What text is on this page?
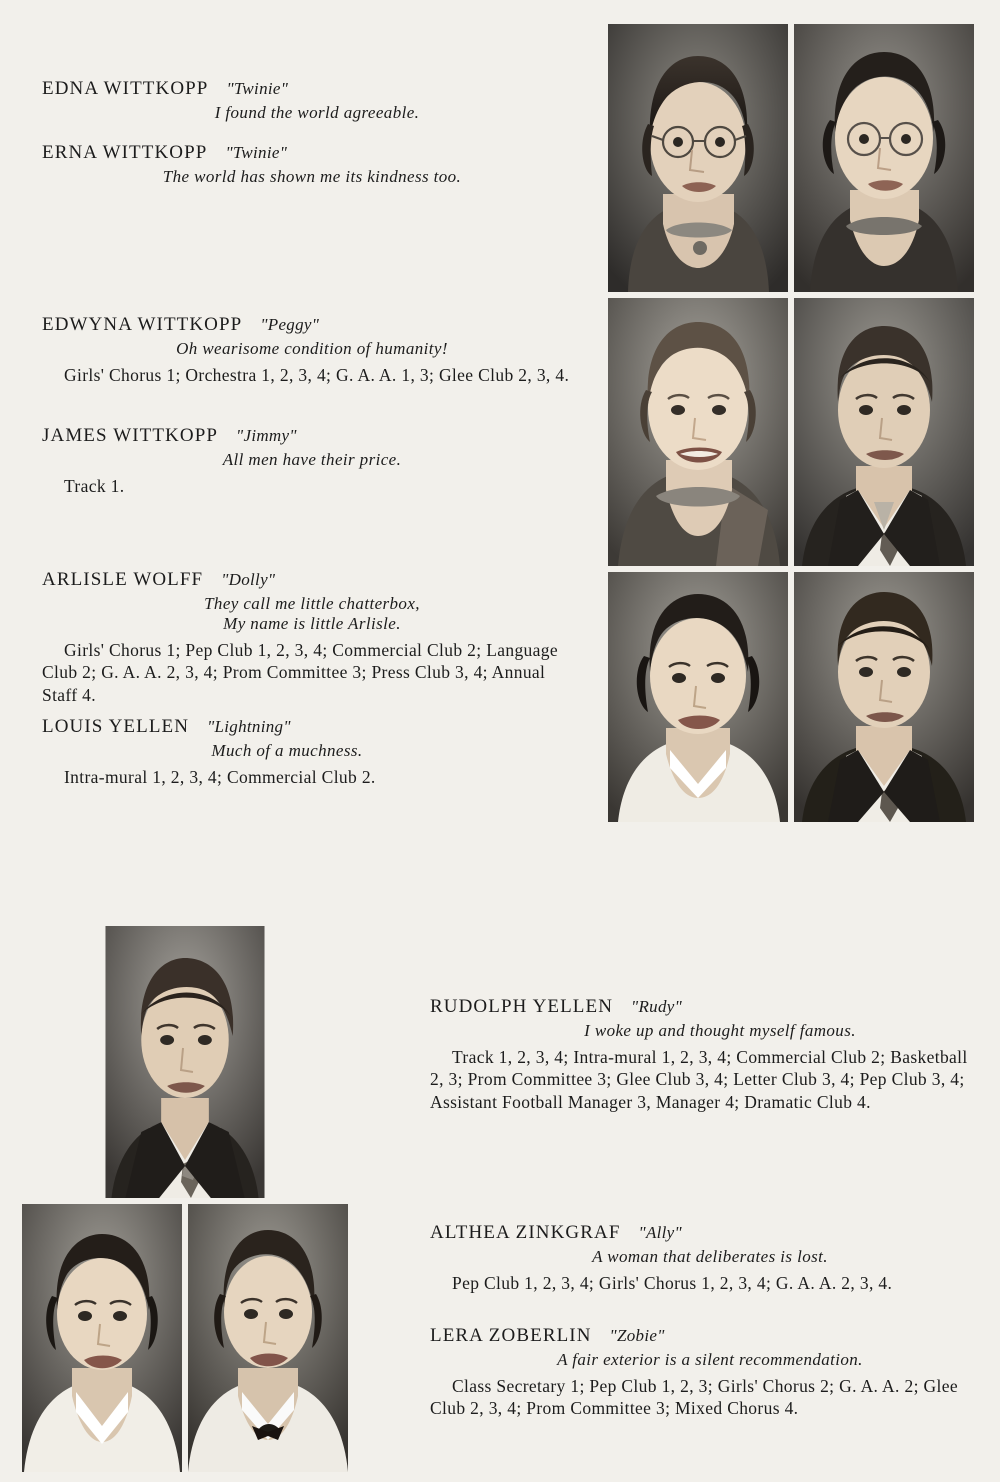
EDNA WITTKOPP "Twinie"
I found the world agreeable.
ERNA WITTKOPP "Twinie"
The world has shown me its kindness too.
EDWYNA WITTKOPP "Peggy"
Oh wearisome condition of humanity!
Girls' Chorus 1; Orchestra 1, 2, 3, 4; G. A. A. 1, 3; Glee Club 2, 3, 4.
JAMES WITTKOPP "Jimmy"
All men have their price.
Track 1.
ARLISLE WOLFF "Dolly"
They call me little chatterbox,
My name is little Arlisle.
Girls' Chorus 1; Pep Club 1, 2, 3, 4; Commercial Club 2; Language Club 2; G. A. A. 2, 3, 4; Prom Committee 3; Press Club 3, 4; Annual Staff 4.
LOUIS YELLEN "Lightning"
Much of a muchness.
Intra-mural 1, 2, 3, 4; Commercial Club 2.
RUDOLPH YELLEN "Rudy"
I woke up and thought myself famous.
Track 1, 2, 3, 4; Intra-mural 1, 2, 3, 4; Commercial Club 2; Basketball 2, 3; Prom Committee 3; Glee Club 3, 4; Letter Club 3, 4; Pep Club 3, 4; Assistant Football Manager 3, Manager 4; Dramatic Club 4.
ALTHEA ZINKGRAF "Ally"
A woman that deliberates is lost.
Pep Club 1, 2, 3, 4; Girls' Chorus 1, 2, 3, 4; G. A. A. 2, 3, 4.
LERA ZOBERLIN "Zobie"
A fair exterior is a silent recommendation.
Class Secretary 1; Pep Club 1, 2, 3; Girls' Chorus 2; G. A. A. 2; Glee Club 2, 3, 4; Prom Committee 3; Mixed Chorus 4.
